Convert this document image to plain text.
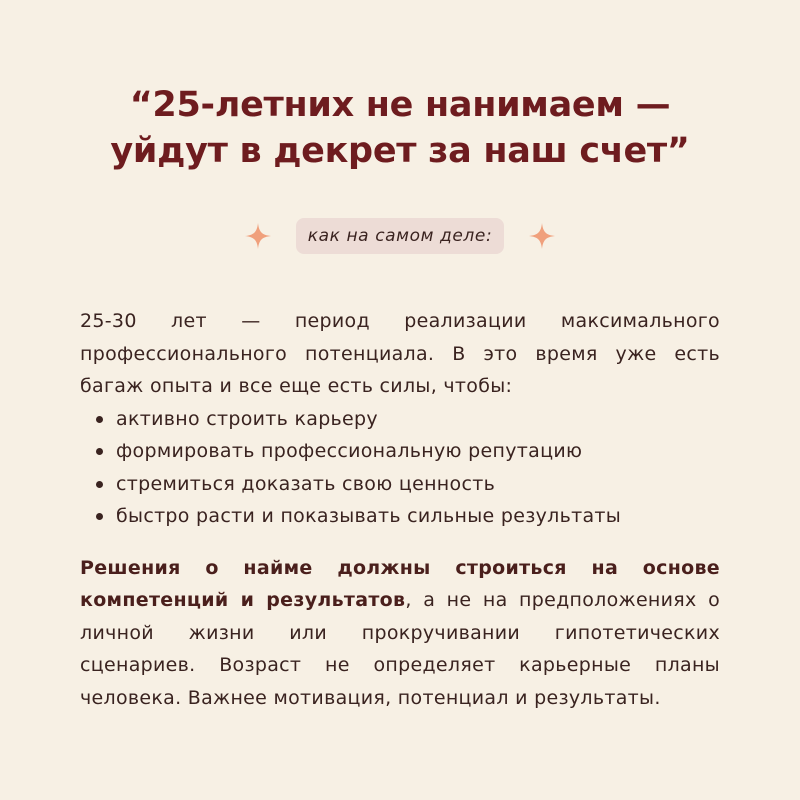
“25-летних не нанимаем —
уйдут в декрет за наш счет”
как на самом деле:
25-30 лет — период реализации максимального профессионального потенциала. В это время уже есть багаж опыта и все еще есть силы, чтобы:
активно строить карьеру
формировать профессиональную репутацию
стремиться доказать свою ценность
быстро расти и показывать сильные результаты
Решения о найме должны строиться на основе компетенций и результатов, а не на предположениях о личной жизни или прокручивании гипотетических сценариев. Возраст не определяет карьерные планы человека. Важнее мотивация, потенциал и результаты.
